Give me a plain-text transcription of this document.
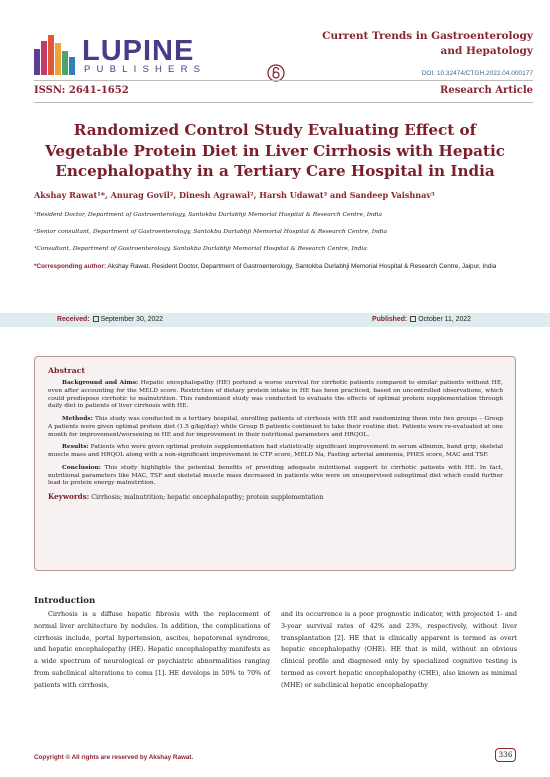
LUPINE
PUBLISHERS
Current Trends in Gastroenterology
and Hepatology
DOI: 10.32474/CTGH.2022.04.000177
ISSN: 2641-1652	Research Article
Randomized Control Study Evaluating Effect of Vegetable Protein Diet in Liver Cirrhosis with Hepatic Encephalopathy in a Tertiary Care Hospital in India
Akshay Rawat¹*, Anurag Govil², Dinesh Agrawal², Harsh Udawat³ and Sandeep Vaishnav³
¹Resident Doctor, Department of Gastroenterology, Santokba Durlabhji Memorial Hospital & Research Centre, India
²Senior consultant, Department of Gastroenterology, Santokba Durlabhji Memorial Hospital & Research Centre, India
³Consultant, Department of Gastroenterology, Santokba Durlabhji Memorial Hospital & Research Centre, India
*Corresponding author: Akshay Rawat, Resident Doctor, Department of Gastroenterology, Santokba Durlabhji Memorial Hospital & Research Centre, Jaipur, India
Received: September 30, 2022	Published: October 11, 2022
Abstract

Background and Aims: Hepatic encephalopathy (HE) portend a worse survival for cirrhotic patients compared to similar patients without HE, even after accounting for the MELD score. Restriction of dietary protein intake in HE has been practiced, based on uncontrolled observations, which could predispose cirrhotic to malnutrition. This randomized study was conducted to evaluate the effects of optimal protein supplementation through daily diet in patients of liver cirrhosis with HE.

Methods: This study was conducted in a tertiary hospital, enrolling patients of cirrhosis with HE and randomizing them into two groups – Group A patients were given optimal protein diet (1.5 g/kg/day) while Group B patients continued to take their routine diet. Patients were re-evaluated at one month for improvement/worsening in HE and for improvement in their nutritional parameters and HRQOL.

Results: Patients who were given optimal protein supplementation had statistically significant improvement in serum albumin, hand grip, skeletal muscle mass and HRQOL along with a non-significant improvement in CTP score, MELD Na, Fasting arterial ammonia, PHES score, MAC and TSF.

Conclusion: This study highlights the potential benefits of providing adequate nutritional support to cirrhotic patients with HE. In fact, nutritional parameters like MAC, TSF and skeletal muscle mass decreased in patients who were on unsupervised suboptimal diet which could further lead to protein energy malnutrition.

Keywords: Cirrhosis; malnutrition; hepatic encephalopathy; protein supplementation
Introduction
Cirrhosis is a diffuse hepatic fibrosis with the replacement of normal liver architecture by nodules. In addition, the complications of cirrhosis include, portal hypertension, ascites, hepatorenal syndrome, and hepatic encephalopathy (HE). Hepatic encephalopathy manifests as a wide spectrum of neurological or psychiatric abnormalities ranging from subclinical alterations to coma [1]. HE develops in 50% to 70% of patients with cirrhosis,
and its occurrence is a poor prognostic indicator, with projected 1- and 3-year survival rates of 42% and 23%, respectively, without liver transplantation [2]. HE that is clinically apparent is termed as overt hepatic encephalopathy (OHE). HE that is mild, without an obvious clinical profile and diagnosed only by specialized cognitive testing is termed as covert hepatic encephalopathy (CHE), also known as minimal (MHE) or subclinical hepatic encephalopathy
Copyright © All rights are reserved by Akshay Rawat.	336
